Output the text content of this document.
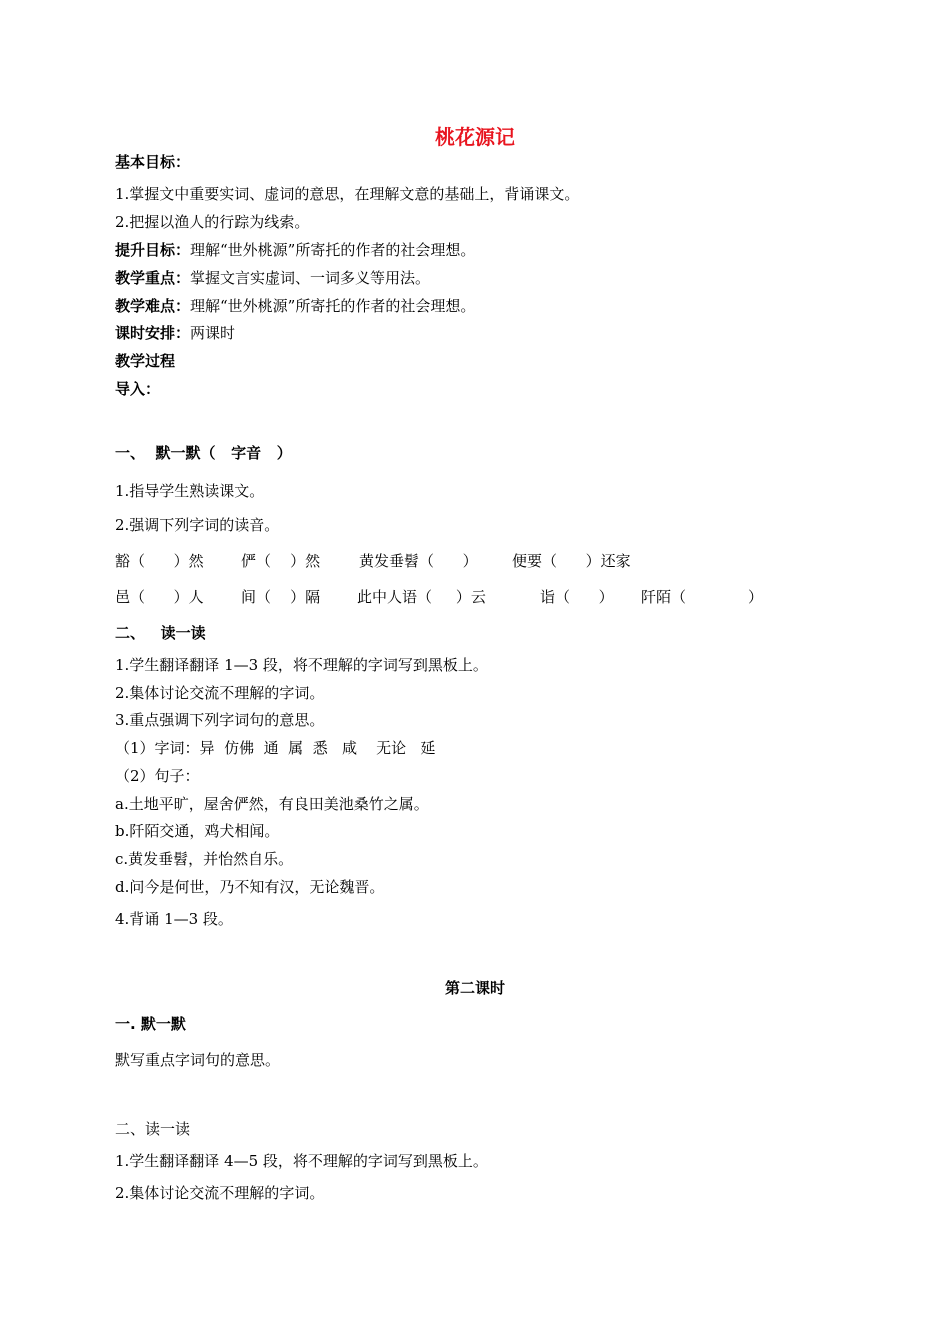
桃花源记
基本目标：
1.掌握文中重要实词、虚词的意思，在理解文意的基础上，背诵课文。
2.把握以渔人的行踪为线索。
提升目标：理解“世外桃源”所寄托的作者的社会理想。
教学重点：掌握文言实虚词、一词多义等用法。
教学难点：理解“世外桃源”所寄托的作者的社会理想。
课时安排：两课时
教学过程
导入：
一、  默一默（   字音   ）
1.指导学生熟读课文。
2.强调下列字词的读音。
豁（      ）然 俨（    ）然	黄发垂髫（      ） 便要（      ）还家
邑（      ）人 间（    ）隔 此中人语（     ）云	诣（      ） 阡陌（             ）
二、   读一读
1.学生翻译翻译 1—3 段，将不理解的字词写到黑板上。
2.集体讨论交流不理解的字词。
3.重点强调下列字词句的意思。
（1）字词：异  仿佛  通  属  悉   咸    无论   延
（2）句子：
a.土地平旷，屋舍俨然，有良田美池桑竹之属。
b.阡陌交通，鸡犬相闻。
c.黄发垂髫，并怡然自乐。
d.问今是何世，乃不知有汉，无论魏晋。
4.背诵 1—3 段。
第二课时
一. 默一默
默写重点字词句的意思。
二、读一读
1.学生翻译翻译 4—5 段，将不理解的字词写到黑板上。
2.集体讨论交流不理解的字词。
